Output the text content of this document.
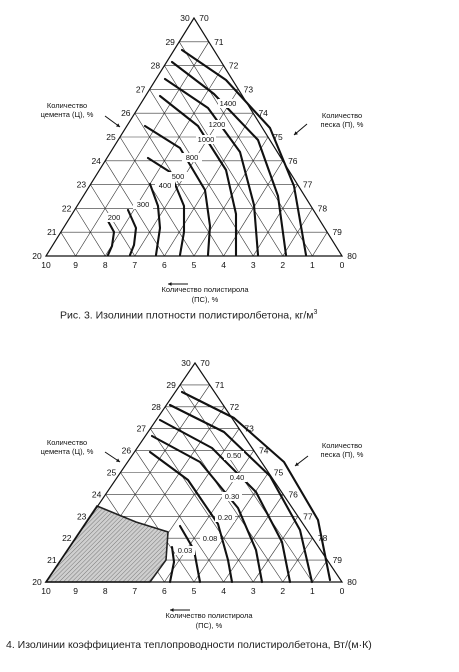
20
21
22
23
24
25
26
27
28
29
30 70
71
72
73
74
75
76
77
78
79
80
10	9	8	7	6	5	4	3	2	1	0
Количество
цемента (Ц), %	Количество
песка (П), %
Количество полистирола
(ПС), %
200
300
400
500
800
1000
1200
1400
20
21
22
23
24
25
26
27
28
29
30 70
71
72
73
74
75
76
77
78
79
80
10	9	8	7	6	5	4	3	2	1	0
Количество
цемента (Ц), %
Количество
песка (П), %
Количество полистирола
(ПС), %
0.03
0.08
0.20
0.30
0.40
0.50
Рис. 3. Изолинии плотности полистиролбетона, $кг/м^3$
4. Изолинии коэффициента теплопроводности полистиролбетона, Вт/(м·К)
